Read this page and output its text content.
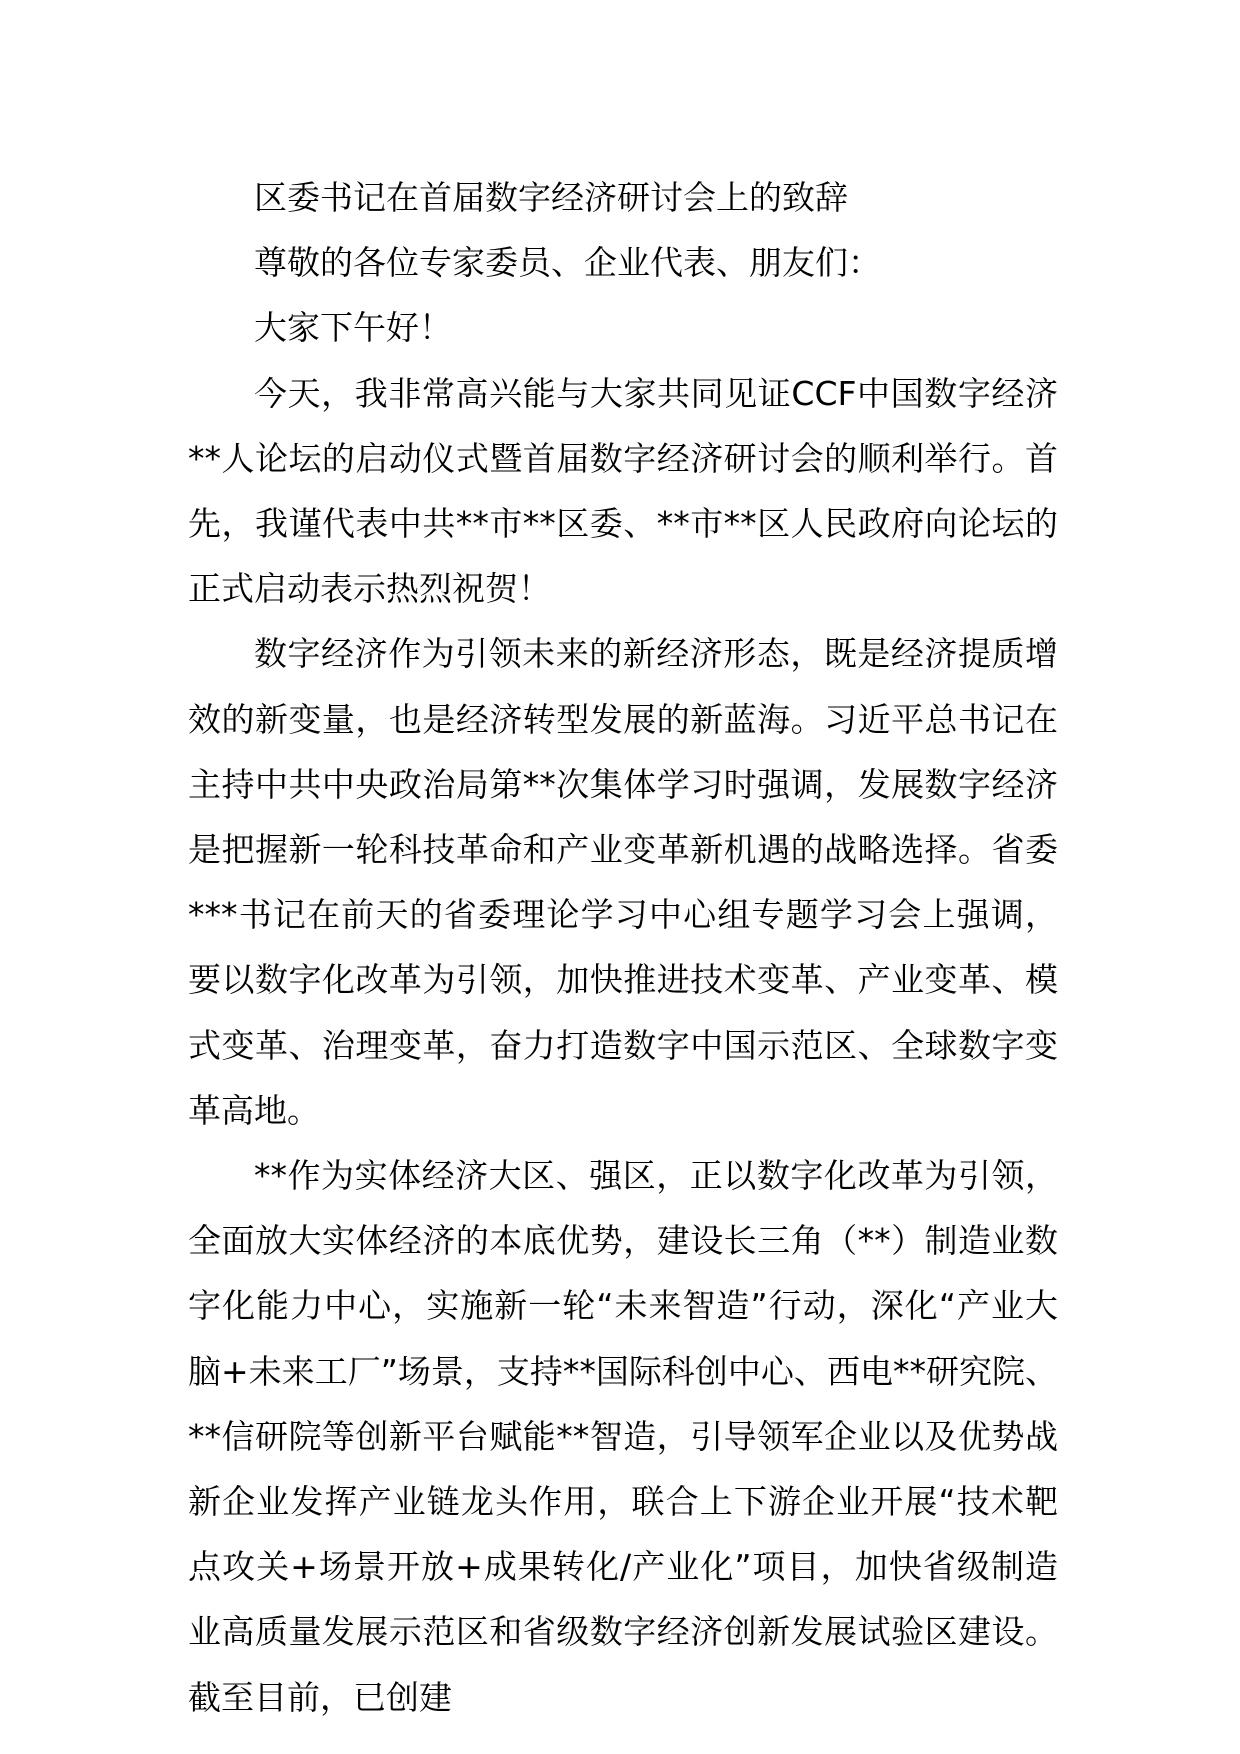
区委书记在首届数字经济研讨会上的致辞

尊敬的各位专家委员、企业代表、朋友们：

大家下午好！

今天，我非常高兴能与大家共同见证CCF中国数字经济**人论坛的启动仪式暨首届数字经济研讨会的顺利举行。首先，我谨代表中共**市**区委、**市**区人民政府向论坛的正式启动表示热烈祝贺！

数字经济作为引领未来的新经济形态，既是经济提质增效的新变量，也是经济转型发展的新蓝海。习近平总书记在主持中共中央政治局第**次集体学习时强调，发展数字经济是把握新一轮科技革命和产业变革新机遇的战略选择。省委***书记在前天的省委理论学习中心组专题学习会上强调，要以数字化改革为引领，加快推进技术变革、产业变革、模式变革、治理变革，奋力打造数字中国示范区、全球数字变革高地。

**作为实体经济大区、强区，正以数字化改革为引领，全面放大实体经济的本底优势，建设长三角（**）制造业数字化能力中心，实施新一轮“未来智造”行动，深化“产业大脑+未来工厂”场景，支持**国际科创中心、西电**研究院、**信研院等创新平台赋能**智造，引导领军企业以及优势战新企业发挥产业链龙头作用，联合上下游企业开展“技术靶点攻关+场景开放+成果转化/产业化”项目，加快省级制造业高质量发展示范区和省级数字经济创新发展试验区建设。截至目前，已创建
